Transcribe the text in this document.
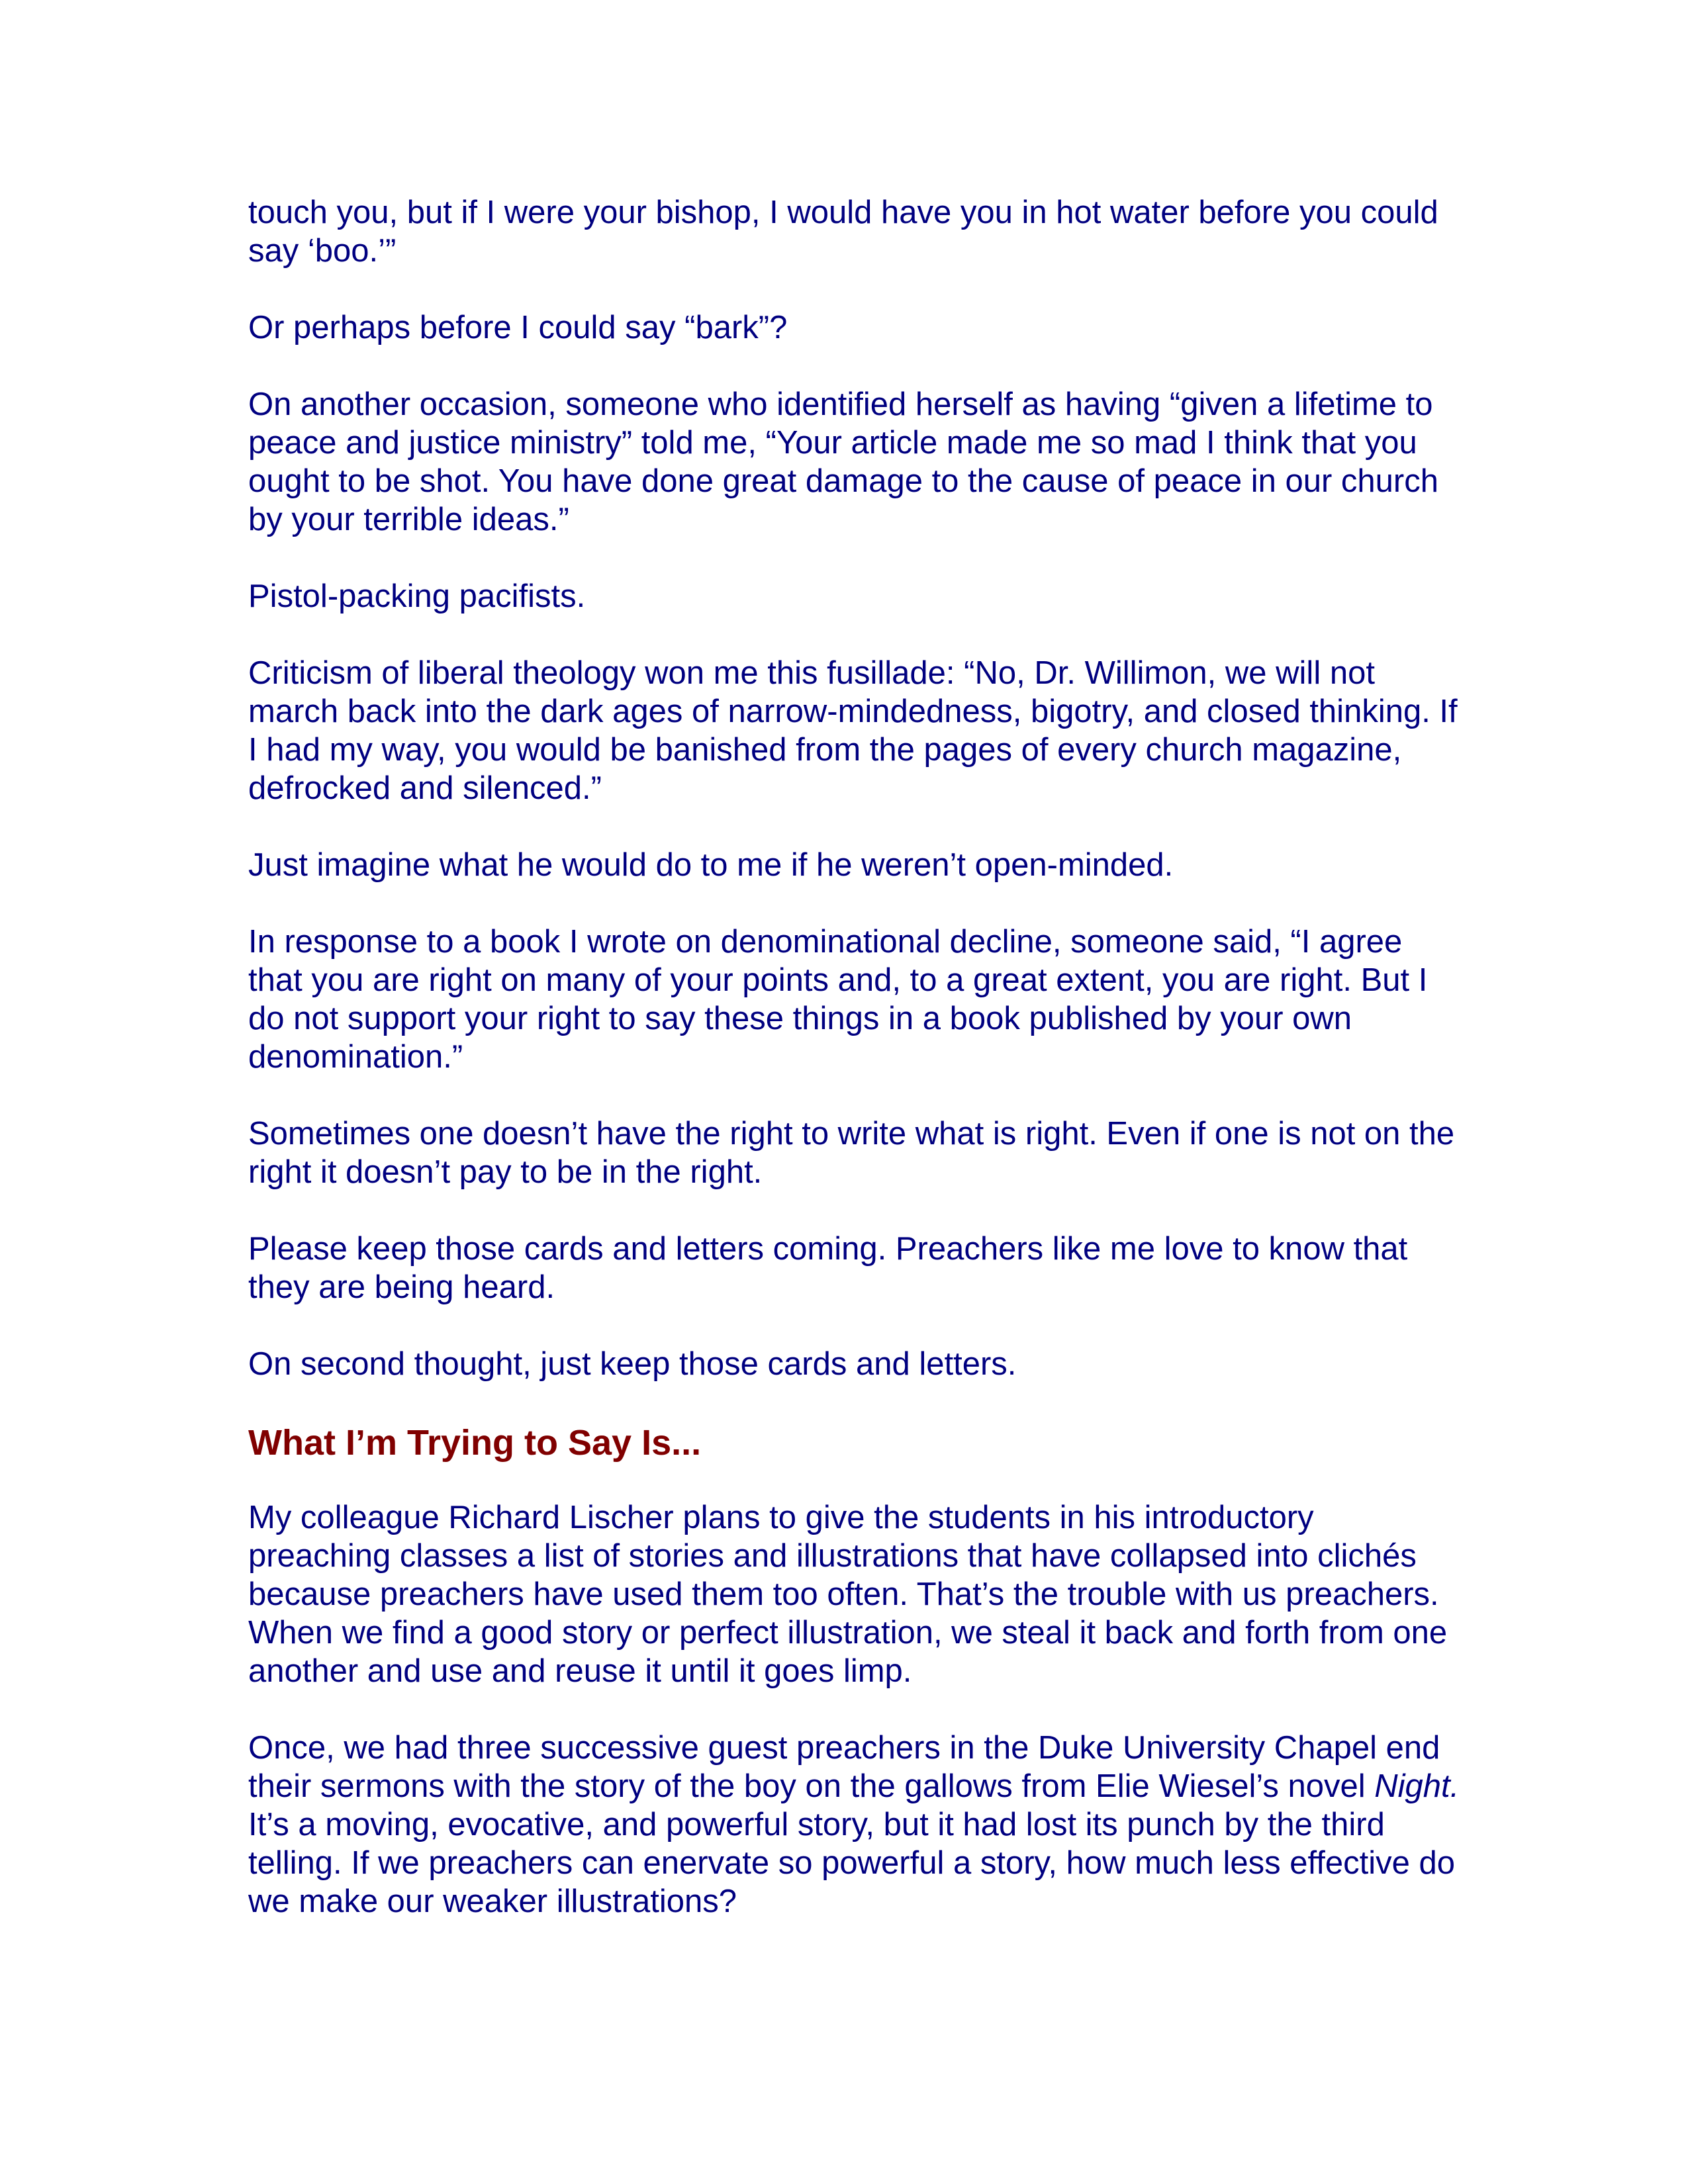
touch you, but if I were your bishop, I would have you in hot water before you could say ‘boo.’”

Or perhaps before I could say “bark”?

On another occasion, someone who identified herself as having “given a lifetime to peace and justice ministry” told me, “Your article made me so mad I think that you ought to be shot. You have done great damage to the cause of peace in our church by your terrible ideas.”

Pistol-packing pacifists.

Criticism of liberal theology won me this fusillade: “No, Dr. Willimon, we will not march back into the dark ages of narrow-mindedness, bigotry, and closed thinking. If I had my way, you would be banished from the pages of every church magazine, defrocked and silenced.”

Just imagine what he would do to me if he weren’t open-minded.

In response to a book I wrote on denominational decline, someone said, “I agree that you are right on many of your points and, to a great extent, you are right. But I do not support your right to say these things in a book published by your own denomination.”

Sometimes one doesn’t have the right to write what is right. Even if one is not on the right it doesn’t pay to be in the right.

Please keep those cards and letters coming. Preachers like me love to know that they are being heard.

On second thought, just keep those cards and letters.

What I’m Trying to Say Is...

My colleague Richard Lischer plans to give the students in his introductory preaching classes a list of stories and illustrations that have collapsed into clichés because preachers have used them too often. That’s the trouble with us preachers. When we find a good story or perfect illustration, we steal it back and forth from one another and use and reuse it until it goes limp.

Once, we had three successive guest preachers in the Duke University Chapel end their sermons with the story of the boy on the gallows from Elie Wiesel’s novel Night. It’s a moving, evocative, and powerful story, but it had lost its punch by the third telling. If we preachers can enervate so powerful a story, how much less effective do we make our weaker illustrations?
